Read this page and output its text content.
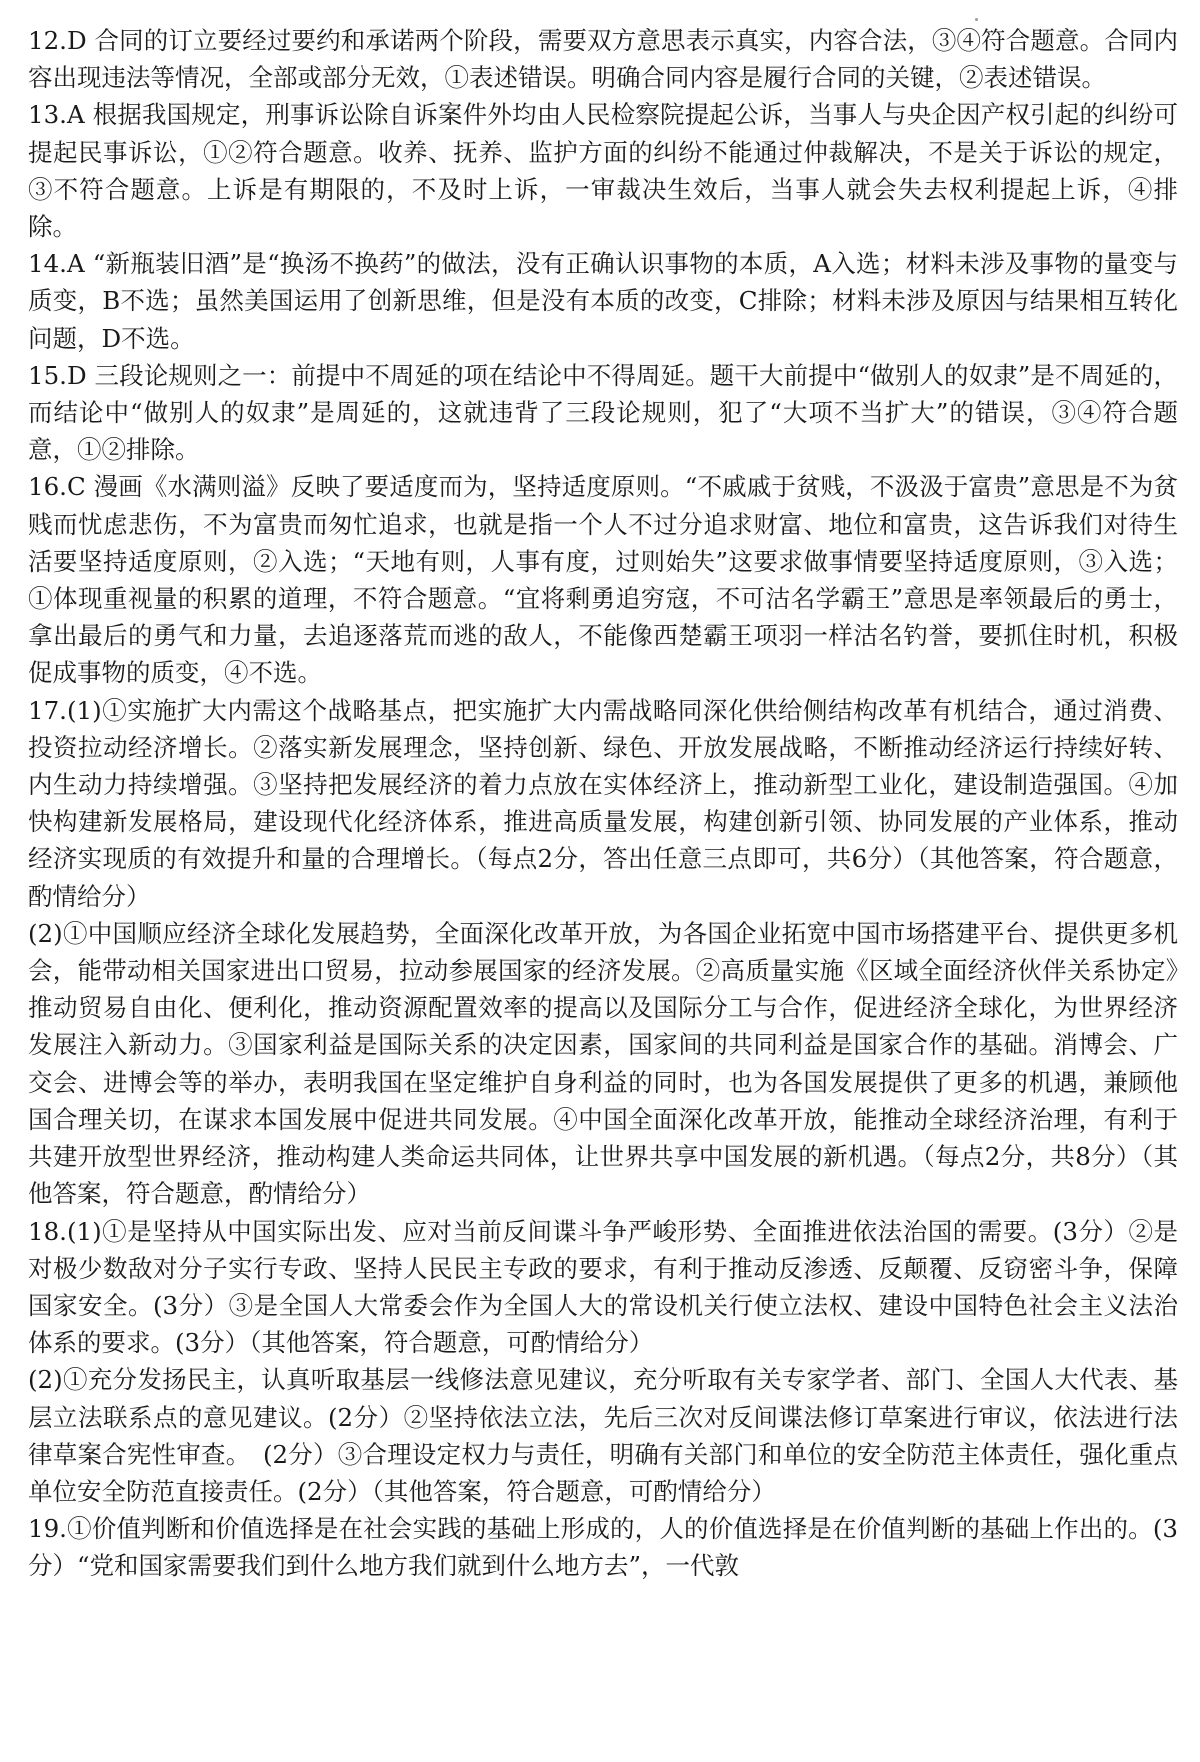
12.D 合同的订立要经过要约和承诺两个阶段，需要双方意思表示真实，内容合法，③④符合题意。合同内容出现违法等情况，全部或部分无效，①表述错误。明确合同内容是履行合同的关键，②表述错误。

13.A 根据我国规定，刑事诉讼除自诉案件外均由人民检察院提起公诉，当事人与央企因产权引起的纠纷可提起民事诉讼，①②符合题意。收养、抚养、监护方面的纠纷不能通过仲裁解决，不是关于诉讼的规定，③不符合题意。上诉是有期限的，不及时上诉，一审裁决生效后，当事人就会失去权利提起上诉，④排除。

14.A “新瓶装旧酒”是“换汤不换药”的做法，没有正确认识事物的本质，A入选；材料未涉及事物的量变与质变，B不选；虽然美国运用了创新思维，但是没有本质的改变，C排除；材料未涉及原因与结果相互转化问题，D不选。

15.D 三段论规则之一：前提中不周延的项在结论中不得周延。题干大前提中“做别人的奴隶”是不周延的，而结论中“做别人的奴隶”是周延的，这就违背了三段论规则，犯了“大项不当扩大”的错误，③④符合题意，①②排除。

16.C 漫画《水满则溢》反映了要适度而为，坚持适度原则。“不戚戚于贫贱，不汲汲于富贵”意思是不为贫贱而忧虑悲伤，不为富贵而匆忙追求，也就是指一个人不过分追求财富、地位和富贵，这告诉我们对待生活要坚持适度原则，②入选；“天地有则，人事有度，过则始失”这要求做事情要坚持适度原则，③入选；①体现重视量的积累的道理，不符合题意。“宜将剩勇追穷寇，不可沽名学霸王”意思是率领最后的勇士，拿出最后的勇气和力量，去追逐落荒而逃的敌人，不能像西楚霸王项羽一样沽名钓誉，要抓住时机，积极促成事物的质变，④不选。

17.(1)①实施扩大内需这个战略基点，把实施扩大内需战略同深化供给侧结构改革有机结合，通过消费、投资拉动经济增长。②落实新发展理念，坚持创新、绿色、开放发展战略，不断推动经济运行持续好转、内生动力持续增强。③坚持把发展经济的着力点放在实体经济上，推动新型工业化，建设制造强国。④加快构建新发展格局，建设现代化经济体系，推进高质量发展，构建创新引领、协同发展的产业体系，推动经济实现质的有效提升和量的合理增长。（每点2分，答出任意三点即可，共6分）（其他答案，符合题意，酌情给分）

(2)①中国顺应经济全球化发展趋势，全面深化改革开放，为各国企业拓宽中国市场搭建平台、提供更多机会，能带动相关国家进出口贸易，拉动参展国家的经济发展。②高质量实施《区域全面经济伙伴关系协定》推动贸易自由化、便利化，推动资源配置效率的提高以及国际分工与合作，促进经济全球化，为世界经济发展注入新动力。③国家利益是国际关系的决定因素，国家间的共同利益是国家合作的基础。消博会、广交会、进博会等的举办，表明我国在坚定维护自身利益的同时，也为各国发展提供了更多的机遇，兼顾他国合理关切，在谋求本国发展中促进共同发展。④中国全面深化改革开放，能推动全球经济治理，有利于共建开放型世界经济，推动构建人类命运共同体，让世界共享中国发展的新机遇。（每点2分，共8分）（其他答案，符合题意，酌情给分）

18.(1)①是坚持从中国实际出发、应对当前反间谍斗争严峻形势、全面推进依法治国的需要。(3分）②是对极少数敌对分子实行专政、坚持人民民主专政的要求，有利于推动反渗透、反颠覆、反窃密斗争，保障国家安全。(3分）③是全国人大常委会作为全国人大的常设机关行使立法权、建设中国特色社会主义法治体系的要求。(3分）（其他答案，符合题意，可酌情给分）

(2)①充分发扬民主，认真听取基层一线修法意见建议，充分听取有关专家学者、部门、全国人大代表、基层立法联系点的意见建议。(2分）②坚持依法立法，先后三次对反间谍法修订草案进行审议，依法进行法律草案合宪性审查。　(2分）③合理设定权力与责任，明确有关部门和单位的安全防范主体责任，强化重点单位安全防范直接责任。(2分）（其他答案，符合题意，可酌情给分）

19.①价值判断和价值选择是在社会实践的基础上形成的，人的价值选择是在价值判断的基础上作出的。(3分）“党和国家需要我们到什么地方我们就到什么地方去”，一代敦
